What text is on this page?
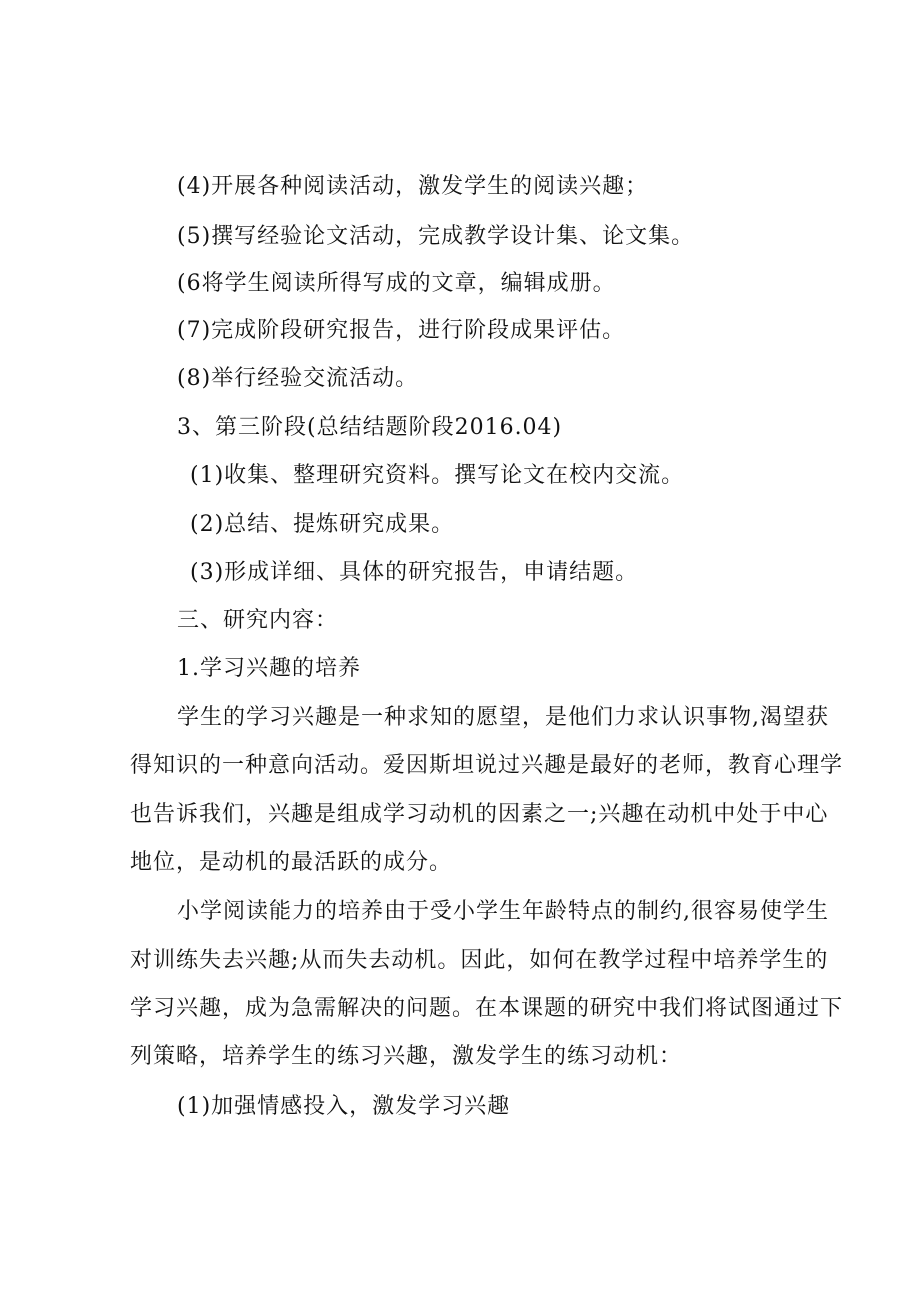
(4)开展各种阅读活动，激发学生的阅读兴趣；
(5)撰写经验论文活动，完成教学设计集、论文集。
(6将学生阅读所得写成的文章，编辑成册。
(7)完成阶段研究报告，进行阶段成果评估。
(8)举行经验交流活动。
3、第三阶段(总结结题阶段2016.04)
(1)收集、整理研究资料。撰写论文在校内交流。
(2)总结、提炼研究成果。
(3)形成详细、具体的研究报告，申请结题。
三、研究内容：
1.学习兴趣的培养
学生的学习兴趣是一种求知的愿望，是他们力求认识事物,渴望获
得知识的一种意向活动。爱因斯坦说过兴趣是最好的老师，教育心理学
也告诉我们，兴趣是组成学习动机的因素之一;兴趣在动机中处于中心
地位，是动机的最活跃的成分。
小学阅读能力的培养由于受小学生年龄特点的制约,很容易使学生
对训练失去兴趣;从而失去动机。因此，如何在教学过程中培养学生的
学习兴趣，成为急需解决的问题。在本课题的研究中我们将试图通过下
列策略，培养学生的练习兴趣，激发学生的练习动机：
(1)加强情感投入，激发学习兴趣
